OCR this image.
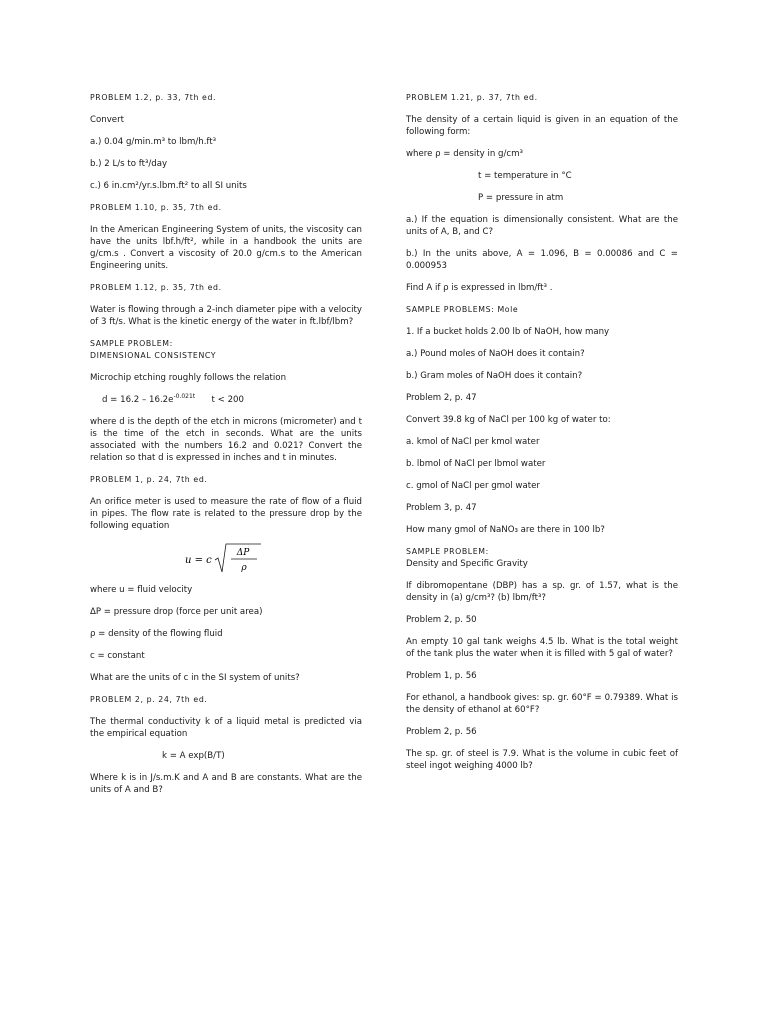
PROBLEM 1.2, p. 33, 7th ed.

Convert

a.) 0.04 g/min.m³ to lbm/h.ft³

b.) 2 L/s to ft³/day

c.) 6 in.cm²/yr.s.lbm.ft² to all SI units

PROBLEM 1.10, p. 35, 7th ed.

In the American Engineering System of units, the viscosity can have the units lbf.h/ft², while in a handbook the units are g/cm.s . Convert a viscosity of 20.0 g/cm.s to the American Engineering units.

PROBLEM 1.12, p. 35, 7th ed.

Water is flowing through a 2-inch diameter pipe with a velocity of 3 ft/s. What is the kinetic energy of the water in ft.lbf/lbm?

SAMPLE PROBLEM:

DIMENSIONAL CONSISTENCY

Microchip etching roughly follows the relation

$d = 16.2 - 16.2e^{-0.021t}$ t < 200

where d is the depth of the etch in microns (micrometer) and t is the time of the etch in seconds. What are the units associated with the numbers 16.2 and 0.021? Convert the relation so that d is expressed in inches and t in minutes.

PROBLEM 1, p. 24, 7th ed.

An orifice meter is used to measure the rate of flow of a fluid in pipes. The flow rate is related to the pressure drop by the following equation

u = c
ΔP
ρ

where u = fluid velocity

ΔP = pressure drop (force per unit area)

ρ = density of the flowing fluid

c = constant

What are the units of c in the SI system of units?

PROBLEM 2, p. 24, 7th ed.

The thermal conductivity k of a liquid metal is predicted via the empirical equation

k = A exp(B/T)

Where k is in J/s.m.K and A and B are constants. What are the units of A and B?

PROBLEM 1.21, p. 37, 7th ed.

The density of a certain liquid is given in an equation of the following form:

where ρ = density in g/cm³

t = temperature in °C

P = pressure in atm

a.) If the equation is dimensionally consistent. What are the units of A, B, and C?

b.) In the units above, A = 1.096, B = 0.00086 and C = 0.000953

Find A if ρ is expressed in lbm/ft³ .

SAMPLE PROBLEMS: Mole

1. If a bucket holds 2.00 lb of NaOH, how many

a.) Pound moles of NaOH does it contain?

b.) Gram moles of NaOH does it contain?

Problem 2, p. 47

Convert 39.8 kg of NaCl per 100 kg of water to:

a. kmol of NaCl per kmol water

b. lbmol of NaCl per lbmol water

c. gmol of NaCl per gmol water

Problem 3, p. 47

How many gmol of NaNO₃ are there in 100 lb?

SAMPLE PROBLEM:

Density and Specific Gravity

If dibromopentane (DBP) has a sp. gr. of 1.57, what is the density in (a) g/cm³? (b) lbm/ft³?

Problem 2, p. 50

An empty 10 gal tank weighs 4.5 lb. What is the total weight of the tank plus the water when it is filled with 5 gal of water?

Problem 1, p. 56

For ethanol, a handbook gives: sp. gr. 60°F = 0.79389. What is the density of ethanol at 60°F?

Problem 2, p. 56

The sp. gr. of steel is 7.9. What is the volume in cubic feet of steel ingot weighing 4000 lb?
